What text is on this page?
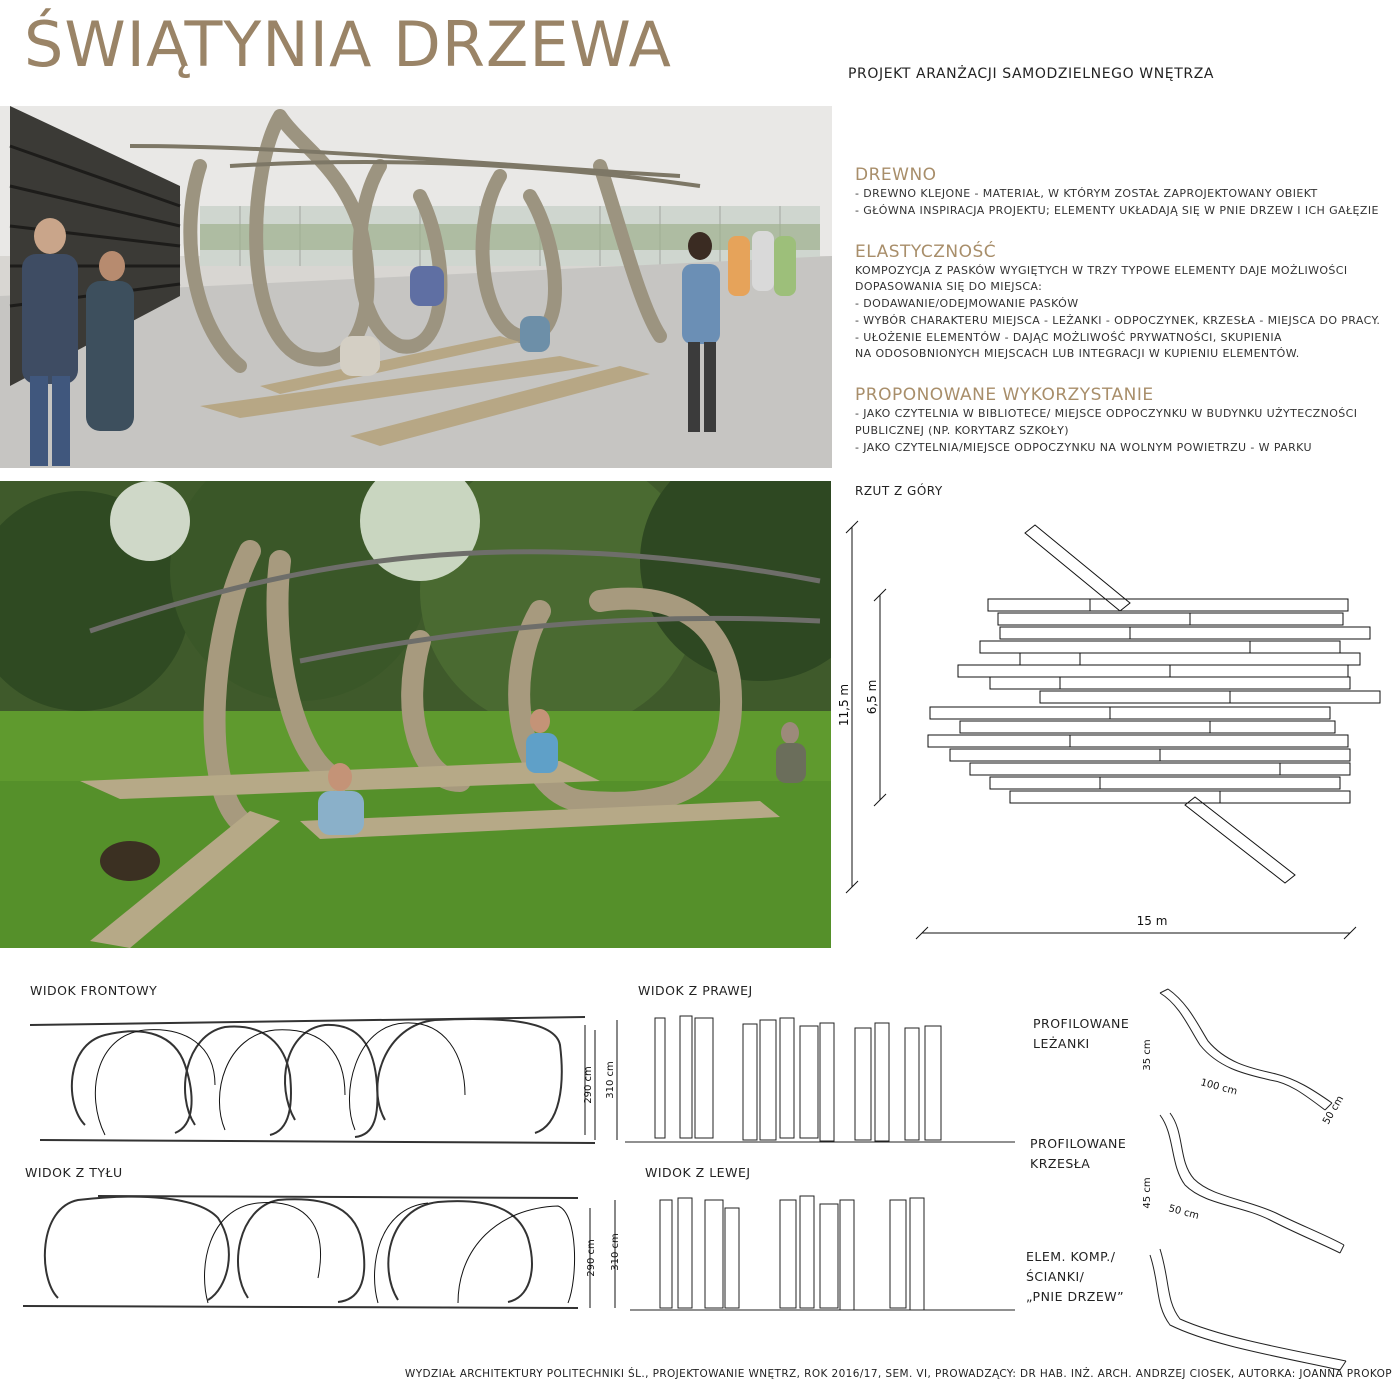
ŚWIĄTYNIA DRZEWA	PROJEKT ARANŻACJI SAMODZIELNEGO WNĘTRZA
DREWNO
- DREWNO KLEJONE - MATERIAŁ, W KTÓRYM ZOSTAŁ ZAPROJEKTOWANY OBIEKT
- GŁÓWNA INSPIRACJA PROJEKTU; ELEMENTY UKŁADAJĄ SIĘ W PNIE DRZEW I ICH GAŁĘZIE
ELASTYCZNOŚĆ
KOMPOZYCJA Z PASKÓW WYGIĘTYCH W TRZY TYPOWE ELEMENTY DAJE MOŻLIWOŚCI
DOPASOWANIA SIĘ DO MIEJSCA:
- DODAWANIE/ODEJMOWANIE PASKÓW
- WYBÓR CHARAKTERU MIEJSCA - LEŻANKI - ODPOCZYNEK, KRZESŁA - MIEJSCA DO PRACY.
- UŁOŻENIE ELEMENTÓW - DAJĄC MOŻLIWOŚĆ PRYWATNOŚCI, SKUPIENIA
NA ODOSOBNIONYCH MIEJSCACH LUB INTEGRACJI W KUPIENIU ELEMENTÓW.
PROPONOWANE WYKORZYSTANIE
- JAKO CZYTELNIA W BIBLIOTECE/ MIEJSCE ODPOCZYNKU W BUDYNKU UŻYTECZNOŚCI
PUBLICZNEJ (NP. KORYTARZ SZKOŁY)
- JAKO CZYTELNIA/MIEJSCE ODPOCZYNKU NA WOLNYM POWIETRZU - W PARKU
RZUT Z GÓRY
11,5 m 6,5 m
15 m
WIDOK FRONTOWY
WIDOK Z TYŁU
WIDOK Z PRAWEJ
WIDOK Z LEWEJ
290 cm 310 cm
290 cm 310 cm
PROFILOWANE
LEŻANKI
PROFILOWANE
KRZESŁA
ELEM. KOMP./
ŚCIANKI/
„PNIE DRZEW”
35 cm
100 cm
50 cm
45 cm
50 cm
WYDZIAŁ ARCHITEKTURY POLITECHNIKI ŚL., PROJEKTOWANIE WNĘTRZ, ROK 2016/17, SEM. VI, PROWADZĄCY: DR HAB. INŻ. ARCH. ANDRZEJ CIOSEK, AUTORKA: JOANNA PROKOP
